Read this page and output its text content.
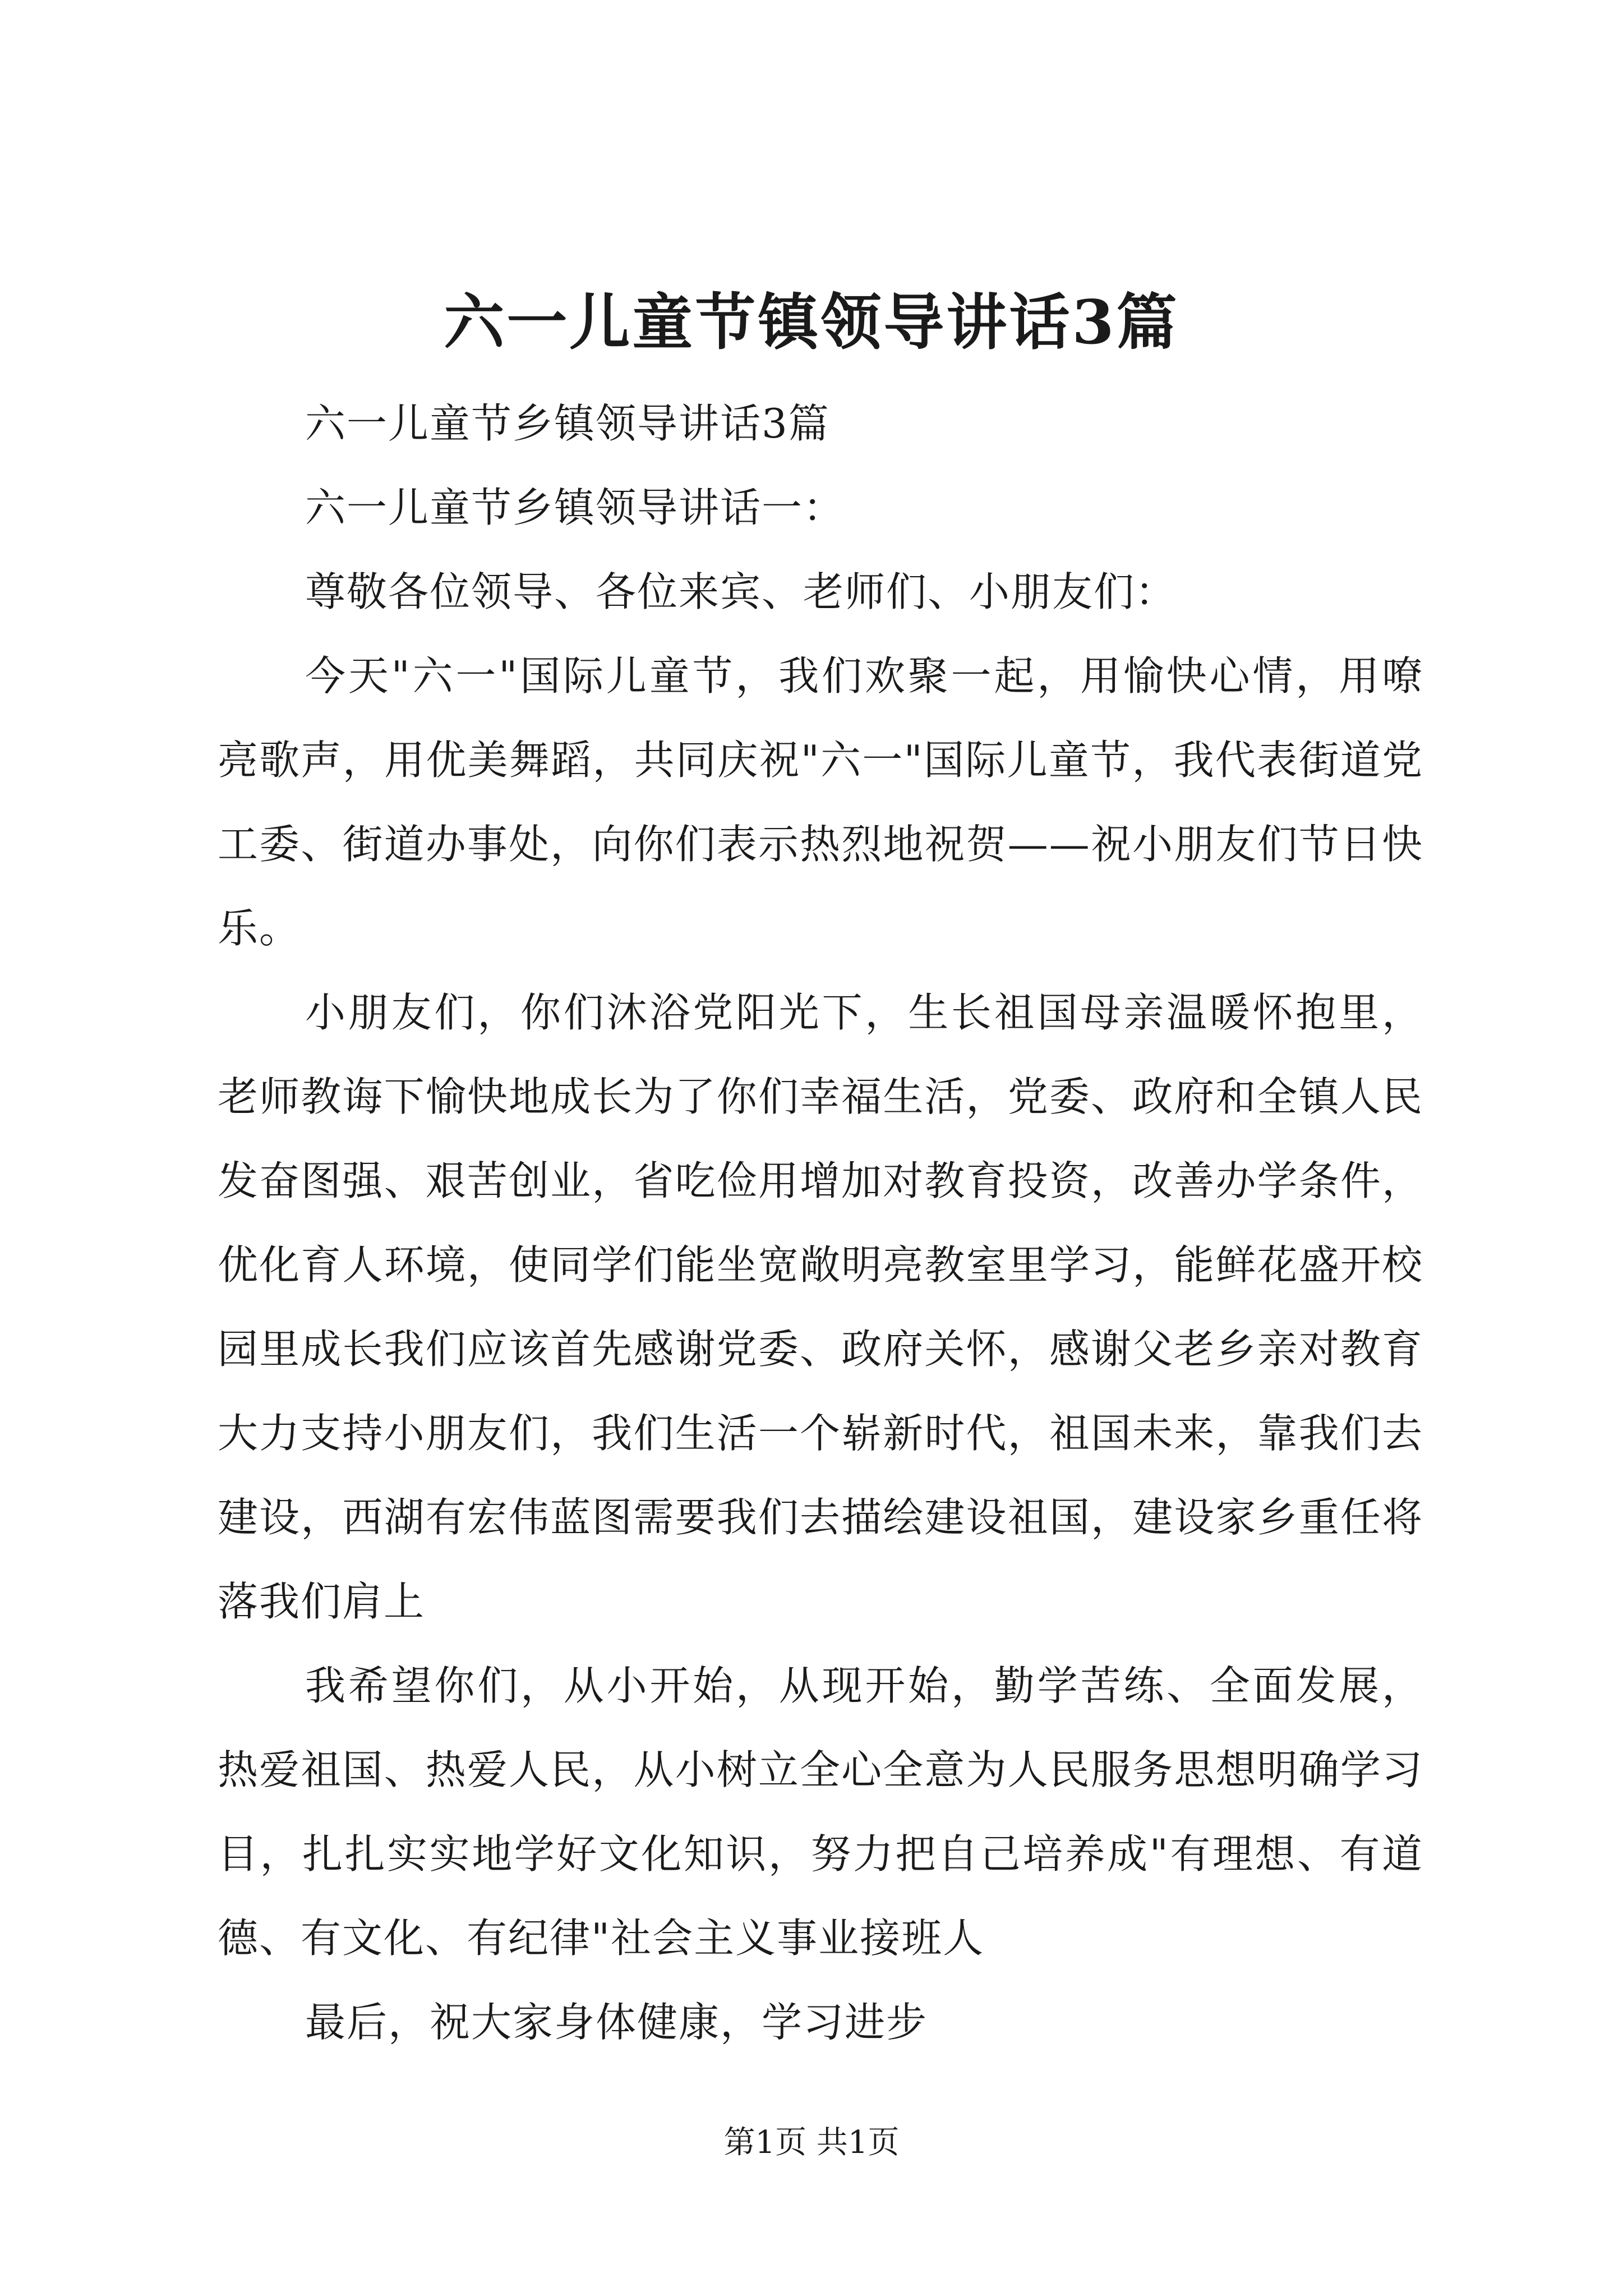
六一儿童节镇领导讲话3篇

六一儿童节乡镇领导讲话3篇

六一儿童节乡镇领导讲话一：

尊敬各位领导、各位来宾、老师们、小朋友们：

今天"六一"国际儿童节，我们欢聚一起，用愉快心情，用嘹亮歌声，用优美舞蹈，共同庆祝"六一"国际儿童节，我代表街道党工委、街道办事处，向你们表示热烈地祝贺——祝小朋友们节日快乐。

小朋友们，你们沐浴党阳光下，生长祖国母亲温暖怀抱里，老师教诲下愉快地成长为了你们幸福生活，党委、政府和全镇人民发奋图强、艰苦创业，省吃俭用增加对教育投资，改善办学条件，优化育人环境，使同学们能坐宽敞明亮教室里学习，能鲜花盛开校园里成长我们应该首先感谢党委、政府关怀，感谢父老乡亲对教育大力支持小朋友们，我们生活一个崭新时代，祖国未来，靠我们去建设，西湖有宏伟蓝图需要我们去描绘建设祖国，建设家乡重任将落我们肩上

我希望你们，从小开始，从现开始，勤学苦练、全面发展，热爱祖国、热爱人民，从小树立全心全意为人民服务思想明确学习目，扎扎实实地学好文化知识，努力把自己培养成"有理想、有道德、有文化、有纪律"社会主义事业接班人

最后，祝大家身体健康，学习进步

第1页 共1页
